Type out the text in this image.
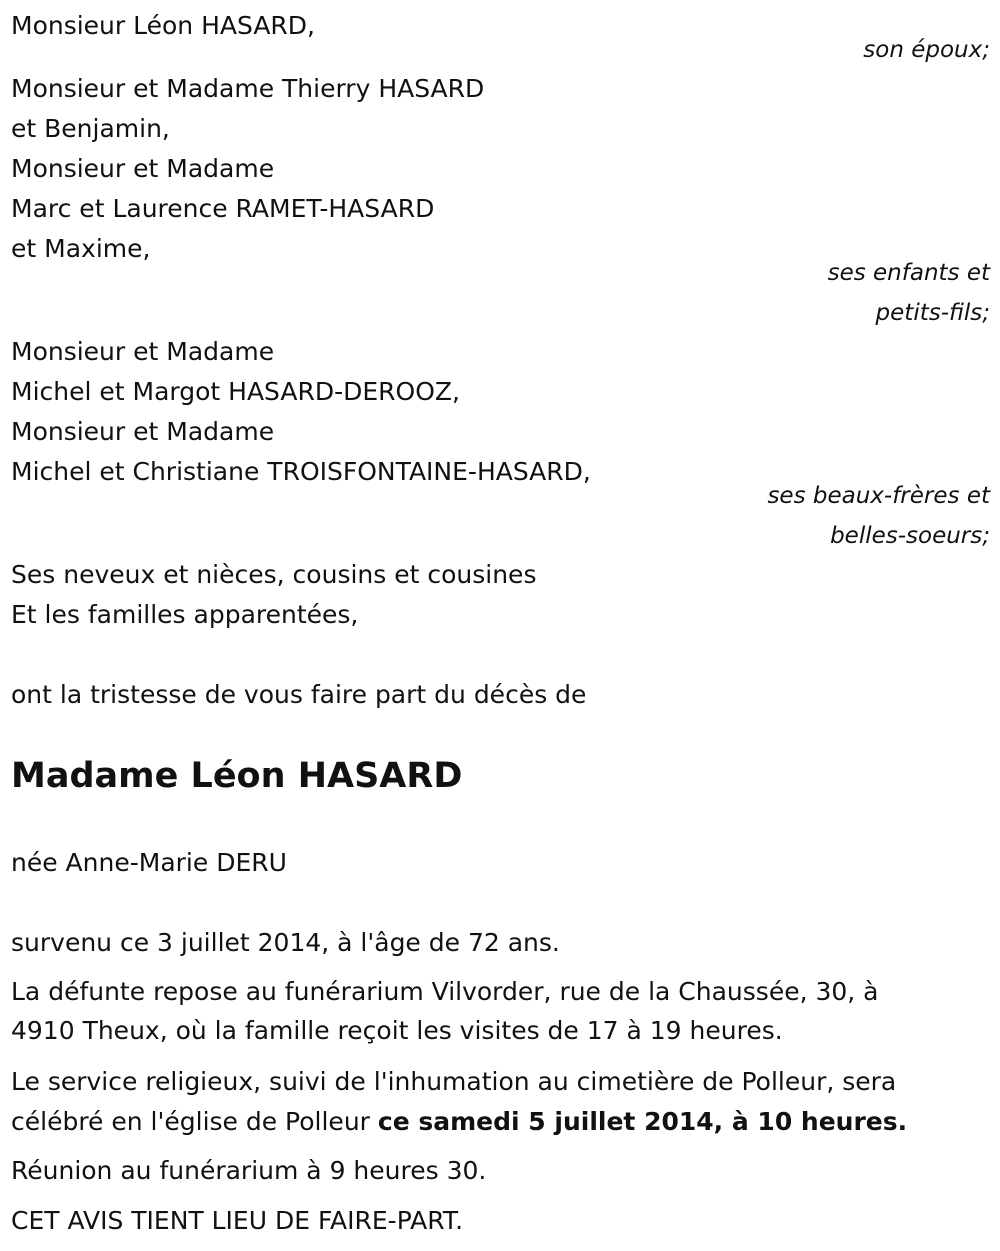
Monsieur Léon HASARD,
son époux;
Monsieur et Madame Thierry HASARD
et Benjamin,
Monsieur et Madame
Marc et Laurence RAMET-HASARD
et Maxime,
ses enfants et
petits-fils;
Monsieur et Madame
Michel et Margot HASARD-DEROOZ,
Monsieur et Madame
Michel et Christiane TROISFONTAINE-HASARD,
ses beaux-frères et
belles-soeurs;
Ses neveux et nièces, cousins et cousines
Et les familles apparentées,
ont la tristesse de vous faire part du décès de
Madame Léon HASARD
née Anne-Marie DERU
survenu ce 3 juillet 2014, à l'âge de 72 ans.
La défunte repose au funérarium Vilvorder, rue de la Chaussée, 30, à
4910 Theux, où la famille reçoit les visites de 17 à 19 heures.
Le service religieux, suivi de l'inhumation au cimetière de Polleur, sera
célébré en l'église de Polleur ce samedi 5 juillet 2014, à 10 heures.
Réunion au funérarium à 9 heures 30.
CET AVIS TIENT LIEU DE FAIRE-PART.
